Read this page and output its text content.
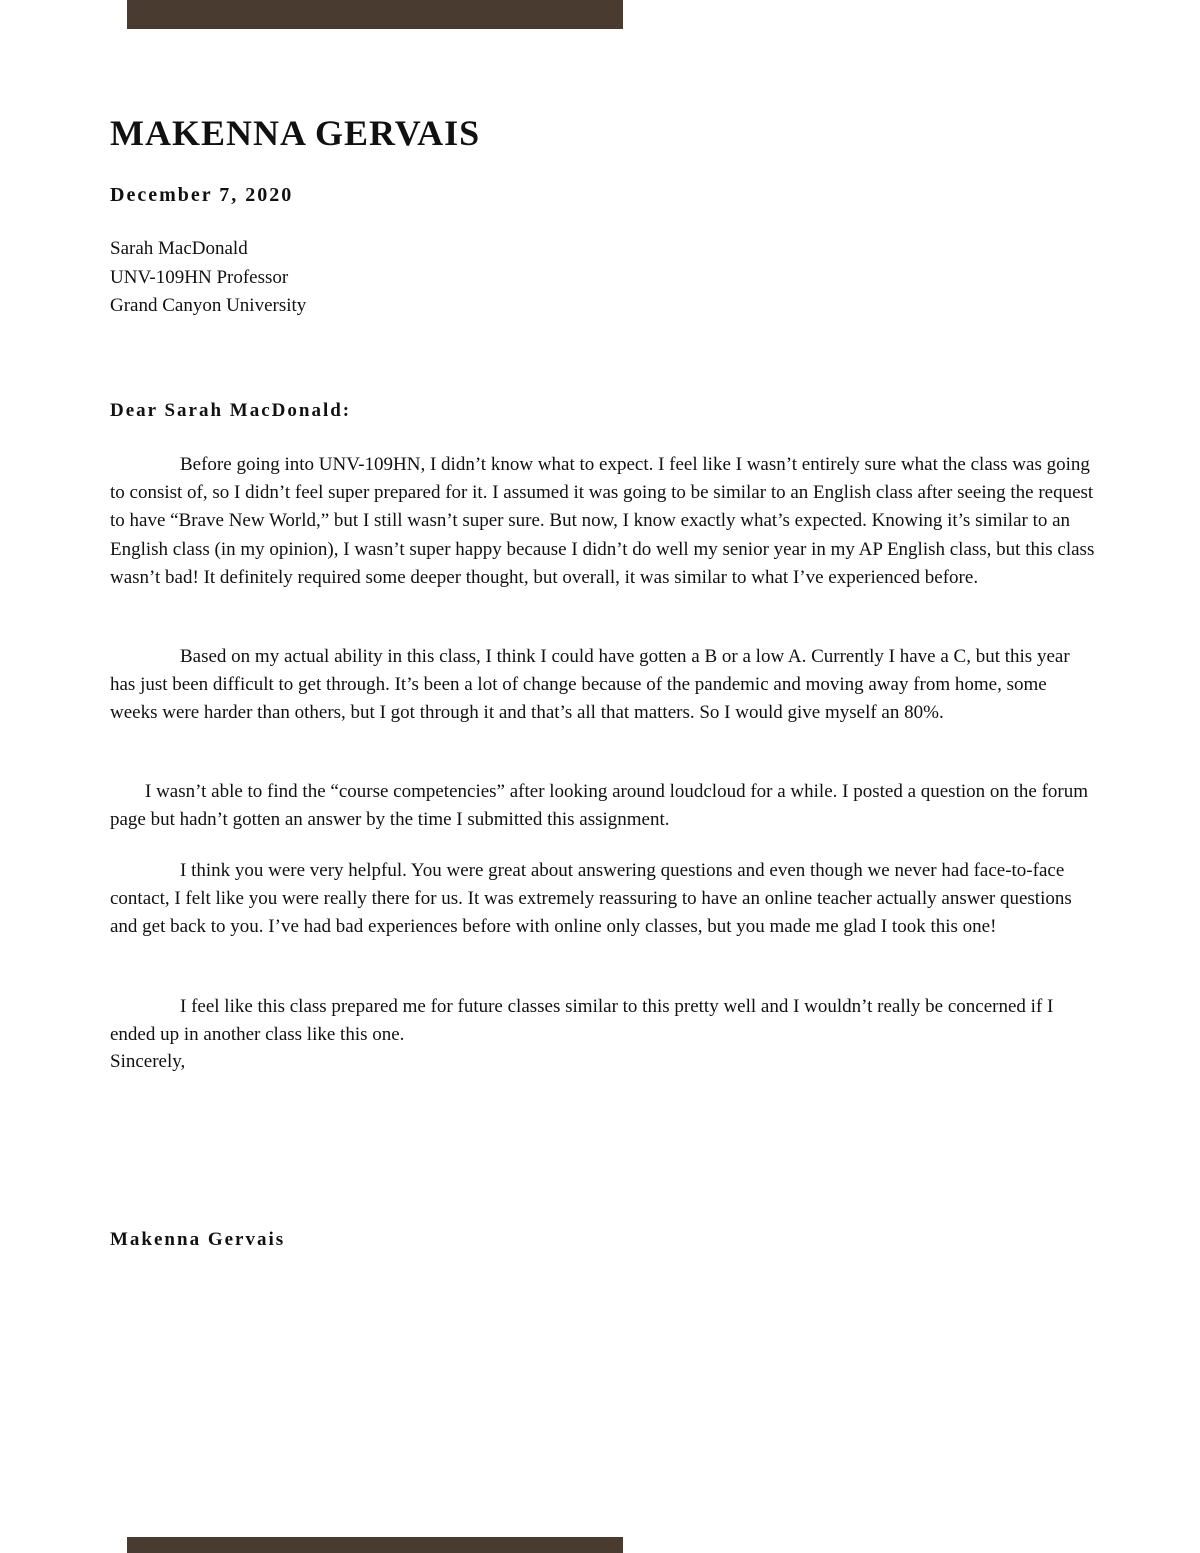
MAKENNA GERVAIS
December 7, 2020
Sarah MacDonald
UNV-109HN Professor
Grand Canyon University
Dear Sarah MacDonald:

Before going into UNV-109HN, I didn’t know what to expect. I feel like I wasn’t entirely sure what the class was going to consist of, so I didn’t feel super prepared for it. I assumed it was going to be similar to an English class after seeing the request to have “Brave New World,” but I still wasn’t super sure. But now, I know exactly what’s expected. Knowing it’s similar to an English class (in my opinion), I wasn’t super happy because I didn’t do well my senior year in my AP English class, but this class wasn’t bad! It definitely required some deeper thought, but overall, it was similar to what I’ve experienced before.

Based on my actual ability in this class, I think I could have gotten a B or a low A. Currently I have a C, but this year has just been difficult to get through. It’s been a lot of change because of the pandemic and moving away from home, some weeks were harder than others, but I got through it and that’s all that matters. So I would give myself an 80%.

I wasn’t able to find the “course competencies” after looking around loudcloud for a while. I posted a question on the forum page but hadn’t gotten an answer by the time I submitted this assignment.

I think you were very helpful. You were great about answering questions and even though we never had face-to-face contact, I felt like you were really there for us. It was extremely reassuring to have an online teacher actually answer questions and get back to you. I’ve had bad experiences before with online only classes, but you made me glad I took this one!

I feel like this class prepared me for future classes similar to this pretty well and I wouldn’t really be concerned if I ended up in another class like this one.

Sincerely,
Makenna Gervais
